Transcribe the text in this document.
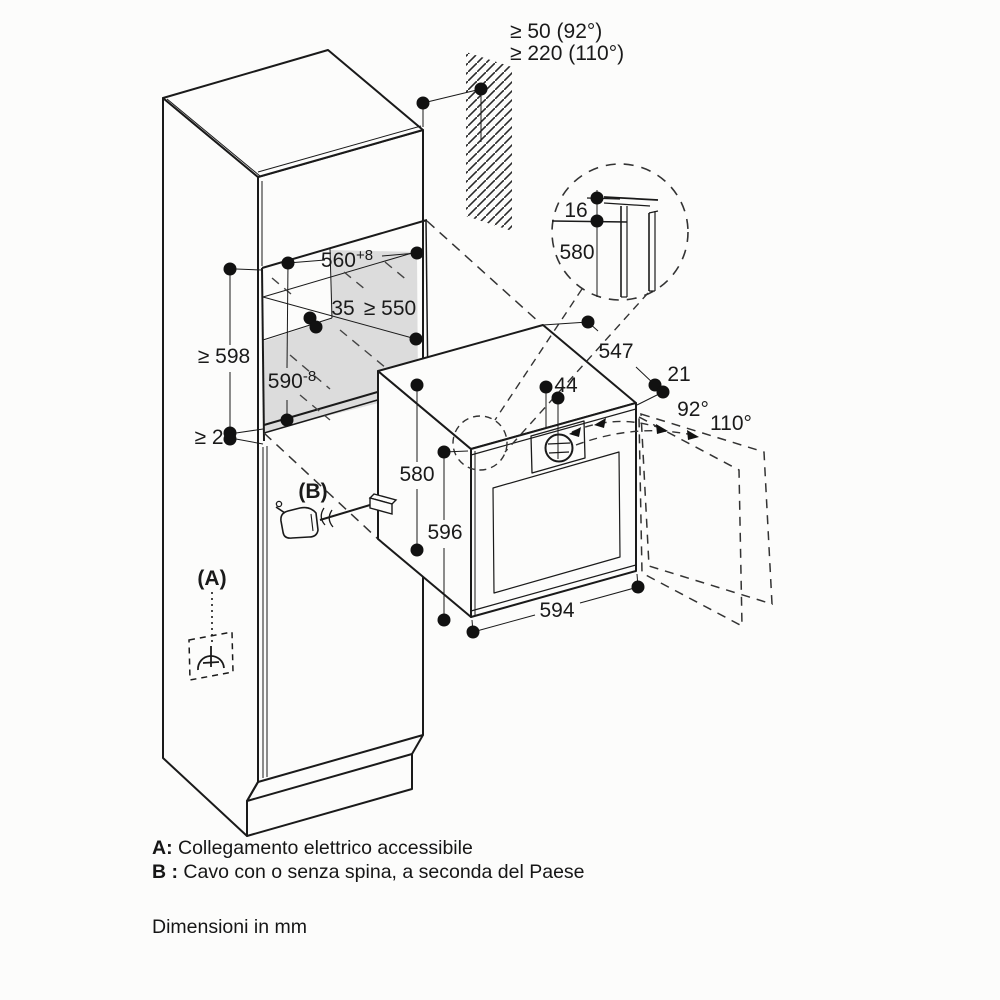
≥ 50 (92°)
≥ 220 (110°)
16
580
$560^{+8}$
35 ≥ 550
≥ 598
$590^{-8}$
≥ 2
547
21
44
92°
110°
580
596
594
(A)
(B)
A: Collegamento elettrico accessibile
B : Cavo con o senza spina, a seconda del Paese
Dimensioni in mm
